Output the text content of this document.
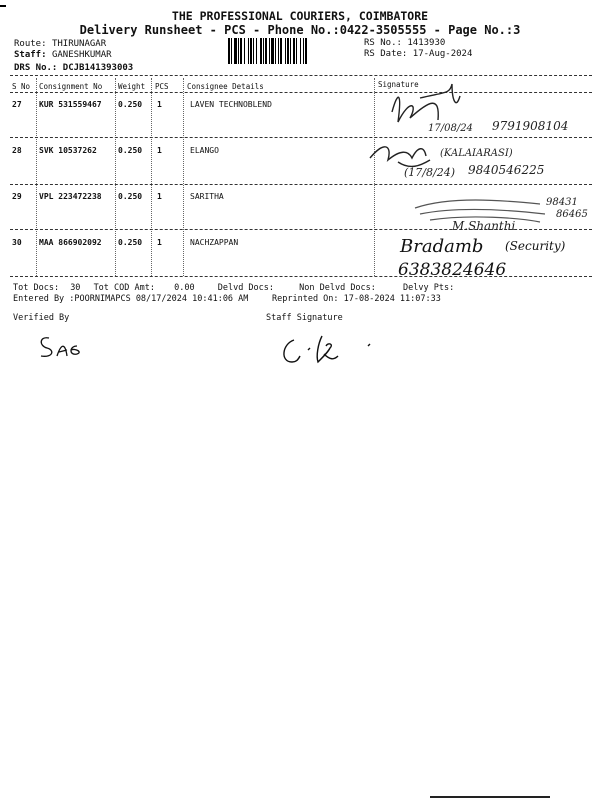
THE PROFESSIONAL COURIERS, COIMBATORE
Delivery Runsheet - PCS - Phone No.:0422-3505555 - Page No.:3
Route: THIRUNAGAR
Staff: GANESHKUMAR
DRS No.: DCJB141393003
RS No.: 1413930
RS Date: 17-Aug-2024
S No Consignment No Weight PCS Consignee Details	Signature
27 KUR 531559467 0.250 1	LAVEN TECHNOBLEND
28 SVK 10537262	0.250 1	ELANGO
29 VPL 223472238 0.250 1	SARITHA
30 MAA 866902092 0.250 1	NACHZAPPAN
17/08/24 9791908104
(KALAIARASI)
(17/8/24) 9840546225
98431
86465
M.Shanthi
Bradamb (Security)
6383824646
Tot Docs: 30 Tot COD Amt: 0.00	Delvd Docs:	Non Delvd Docs:	Delvy Pts:
Entered By :POORNIMAPCS 08/17/2024 10:41:06 AM	Reprinted On: 17-08-2024 11:07:33
Verified By	Staff Signature
